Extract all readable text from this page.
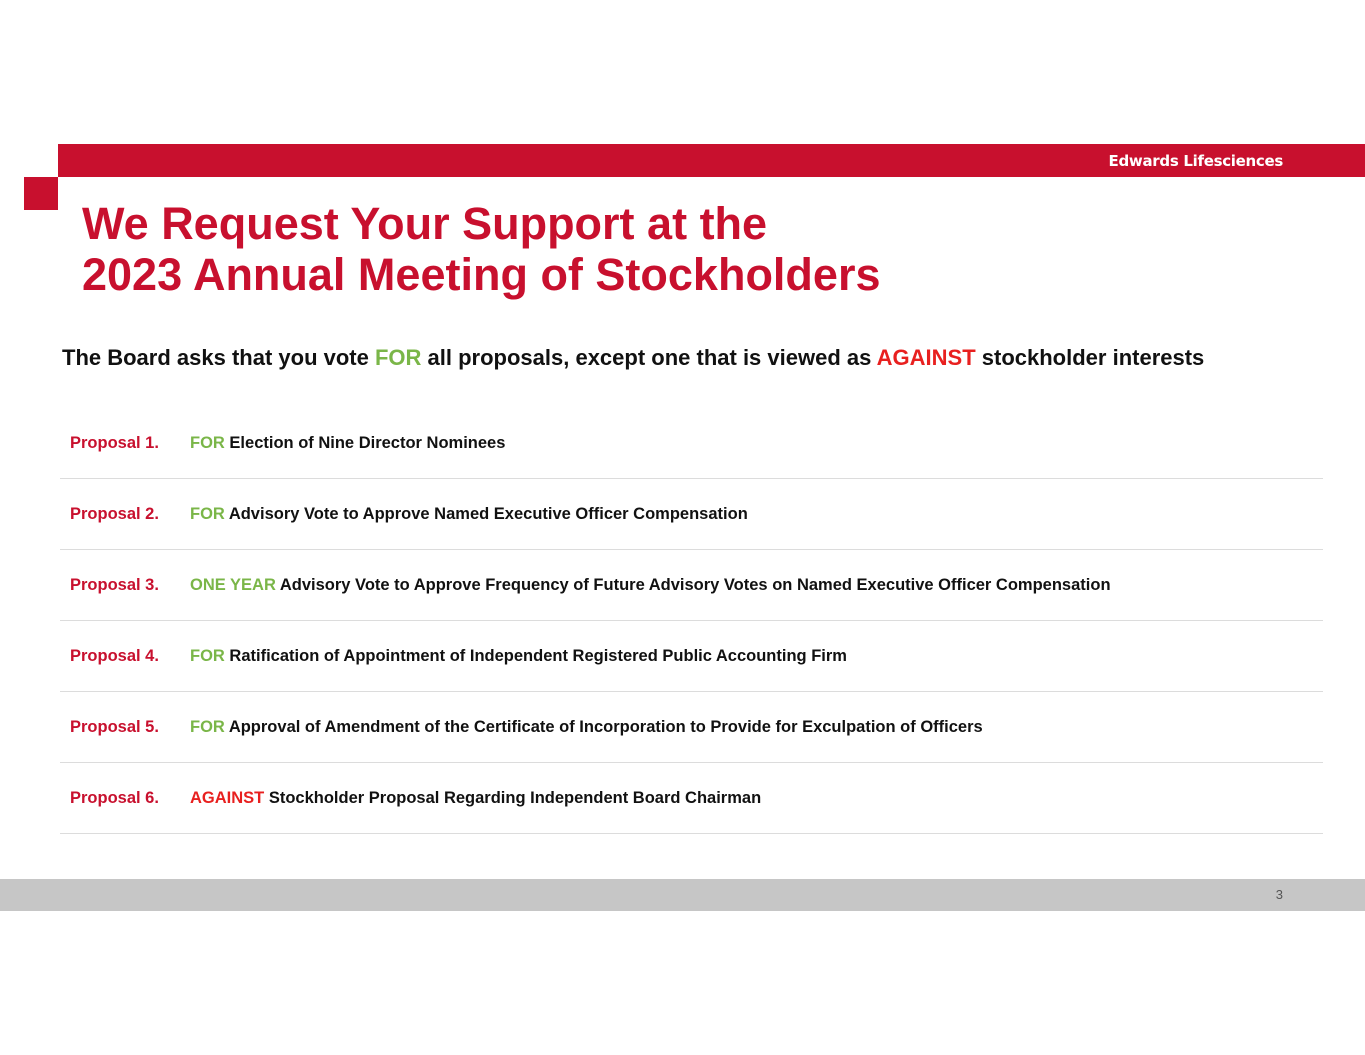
Edwards Lifesciences
We Request Your Support at the
2023 Annual Meeting of Stockholders

The Board asks that you vote FOR all proposals, except one that is viewed as AGAINST stockholder interests

Proposal 1. FOR Election of Nine Director Nominees
Proposal 2. FOR Advisory Vote to Approve Named Executive Officer Compensation
Proposal 3. ONE YEAR Advisory Vote to Approve Frequency of Future Advisory Votes on Named Executive Officer Compensation
Proposal 4. FOR Ratification of Appointment of Independent Registered Public Accounting Firm
Proposal 5. FOR Approval of Amendment of the Certificate of Incorporation to Provide for Exculpation of Officers
Proposal 6. AGAINST Stockholder Proposal Regarding Independent Board Chairman
3
